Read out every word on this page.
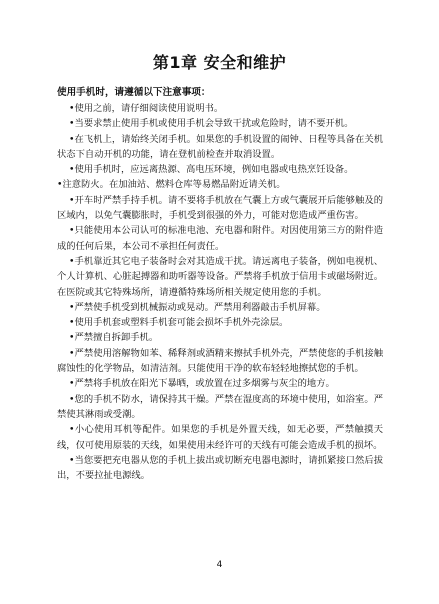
第1章 安全和维护
使用手机时，请遵循以下注意事项：

•使用之前，请仔细阅读使用说明书。

•当要求禁止使用手机或使用手机会导致干扰或危险时，请不要开机。

•在飞机上，请始终关闭手机。如果您的手机设置的闹钟、日程等具备在关机状态下自动开机的功能，请在登机前检查并取消设置。

•使用手机时，应远离热源、高电压环境，例如电器或电热烹饪设备。

•注意防火。在加油站、燃料仓库等易燃品附近请关机。

•开车时严禁手持手机。请不要将手机放在气囊上方或气囊展开后能够触及的区域内，以免气囊膨胀时，手机受到很强的外力，可能对您造成严重伤害。

•只能使用本公司认可的标准电池、充电器和附件。对因使用第三方的附件造成的任何后果，本公司不承担任何责任。

•手机靠近其它电子装备时会对其造成干扰。请远离电子装备，例如电视机、个人计算机、心脏起搏器和助听器等设备。严禁将手机放于信用卡或磁场附近。在医院或其它特殊场所，请遵循特殊场所相关规定使用您的手机。

•严禁使手机受到机械振动或晃动。严禁用利器敲击手机屏幕。

•使用手机套或塑料手机套可能会损坏手机外壳涂层。

•严禁擅自拆卸手机。

•严禁使用溶解物如苯、稀释剂或酒精来擦拭手机外壳，严禁使您的手机接触腐蚀性的化学物品，如清洁剂。只能使用干净的软布轻轻地擦拭您的手机。

•严禁将手机放在阳光下暴晒，或放置在过多烟雾与灰尘的地方。

•您的手机不防水，请保持其干燥。严禁在湿度高的环境中使用，如浴室。严禁使其淋雨或受潮。

•小心使用耳机等配件。如果您的手机是外置天线，如无必要，严禁触摸天线，仅可使用原装的天线，如果使用未经许可的天线有可能会造成手机的损坏。

•当您要把充电器从您的手机上拔出或切断充电器电源时，请抓紧接口然后拔出，不要拉扯电源线。

4
